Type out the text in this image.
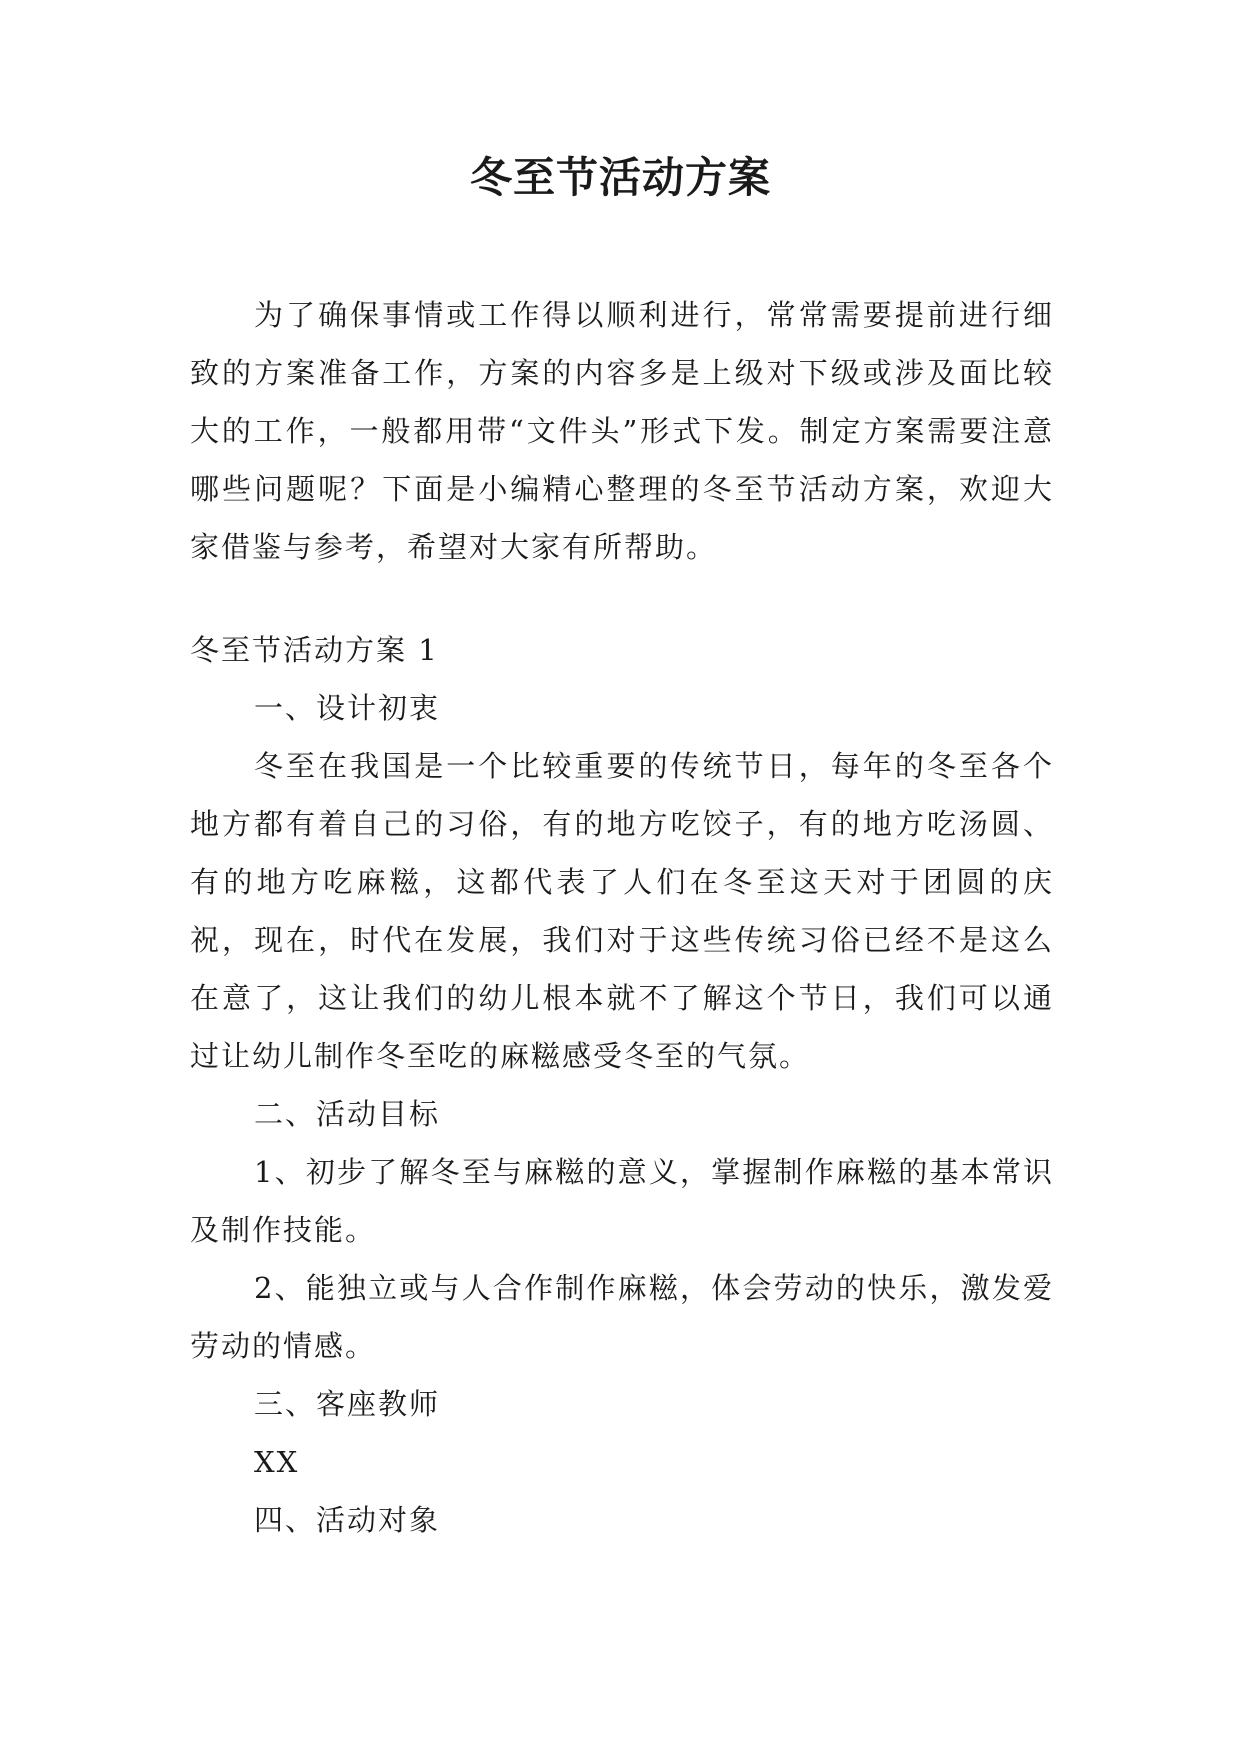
冬至节活动方案

为了确保事情或工作得以顺利进行，常常需要提前进行细致的方案准备工作，方案的内容多是上级对下级或涉及面比较大的工作，一般都用带“文件头”形式下发。制定方案需要注意哪些问题呢？下面是小编精心整理的冬至节活动方案，欢迎大家借鉴与参考，希望对大家有所帮助。

冬至节活动方案 1

一、设计初衷

冬至在我国是一个比较重要的传统节日，每年的冬至各个地方都有着自己的习俗，有的地方吃饺子，有的地方吃汤圆、有的地方吃麻糍，这都代表了人们在冬至这天对于团圆的庆祝，现在，时代在发展，我们对于这些传统习俗已经不是这么在意了，这让我们的幼儿根本就不了解这个节日，我们可以通过让幼儿制作冬至吃的麻糍感受冬至的气氛。

二、活动目标

1、初步了解冬至与麻糍的意义，掌握制作麻糍的基本常识及制作技能。

2、能独立或与人合作制作麻糍，体会劳动的快乐，激发爱劳动的情感。

三、客座教师

XX

四、活动对象
